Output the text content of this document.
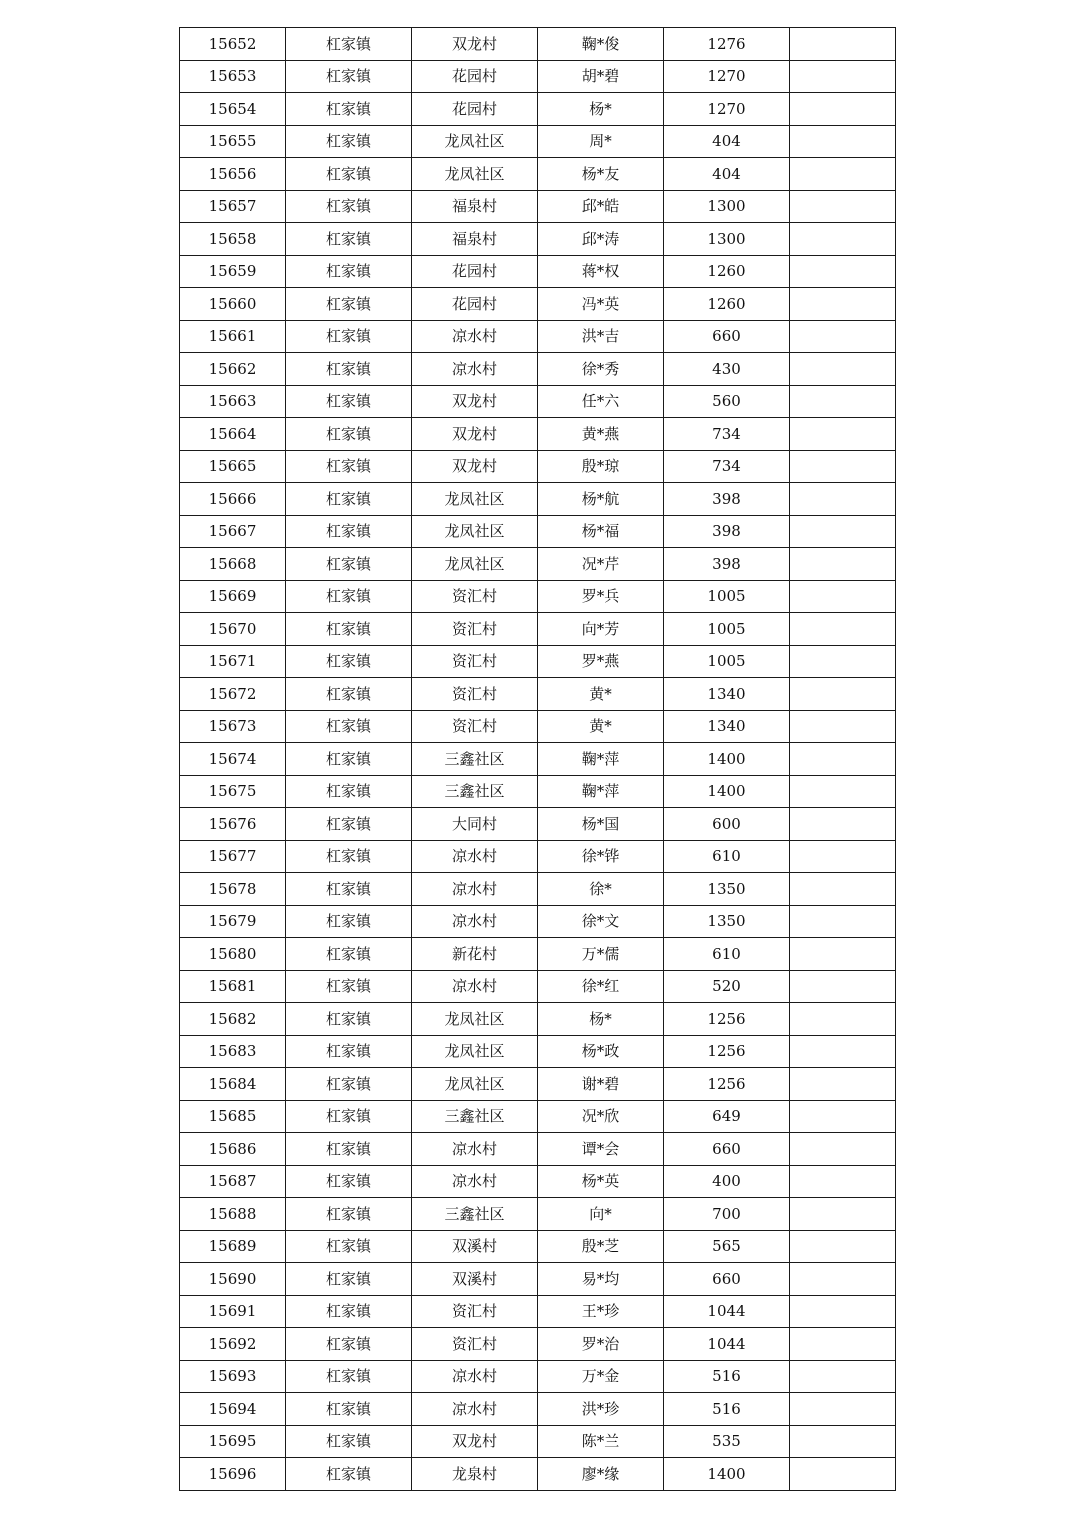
15652	杠家镇	双龙村	鞠*俊	1276	
15653	杠家镇	花园村	胡*碧	1270	
15654	杠家镇	花园村	杨*	1270	
15655	杠家镇	龙凤社区	周*	404	
15656	杠家镇	龙凤社区	杨*友	404	
15657	杠家镇	福泉村	邱*皓	1300	
15658	杠家镇	福泉村	邱*涛	1300	
15659	杠家镇	花园村	蒋*权	1260	
15660	杠家镇	花园村	冯*英	1260	
15661	杠家镇	凉水村	洪*吉	660	
15662	杠家镇	凉水村	徐*秀	430	
15663	杠家镇	双龙村	任*六	560	
15664	杠家镇	双龙村	黄*燕	734	
15665	杠家镇	双龙村	殷*琼	734	
15666	杠家镇	龙凤社区	杨*航	398	
15667	杠家镇	龙凤社区	杨*福	398	
15668	杠家镇	龙凤社区	况*芹	398	
15669	杠家镇	资汇村	罗*兵	1005	
15670	杠家镇	资汇村	向*芳	1005	
15671	杠家镇	资汇村	罗*燕	1005	
15672	杠家镇	资汇村	黄*	1340	
15673	杠家镇	资汇村	黄*	1340	
15674	杠家镇	三鑫社区	鞠*萍	1400	
15675	杠家镇	三鑫社区	鞠*萍	1400	
15676	杠家镇	大同村	杨*国	600	
15677	杠家镇	凉水村	徐*铧	610	
15678	杠家镇	凉水村	徐*	1350	
15679	杠家镇	凉水村	徐*文	1350	
15680	杠家镇	新花村	万*儒	610	
15681	杠家镇	凉水村	徐*红	520	
15682	杠家镇	龙凤社区	杨*	1256	
15683	杠家镇	龙凤社区	杨*政	1256	
15684	杠家镇	龙凤社区	谢*碧	1256	
15685	杠家镇	三鑫社区	况*欣	649	
15686	杠家镇	凉水村	谭*会	660	
15687	杠家镇	凉水村	杨*英	400	
15688	杠家镇	三鑫社区	向*	700	
15689	杠家镇	双溪村	殷*芝	565	
15690	杠家镇	双溪村	易*均	660	
15691	杠家镇	资汇村	王*珍	1044	
15692	杠家镇	资汇村	罗*治	1044	
15693	杠家镇	凉水村	万*金	516	
15694	杠家镇	凉水村	洪*珍	516	
15695	杠家镇	双龙村	陈*兰	535	
15696	杠家镇	龙泉村	廖*缘	1400	
